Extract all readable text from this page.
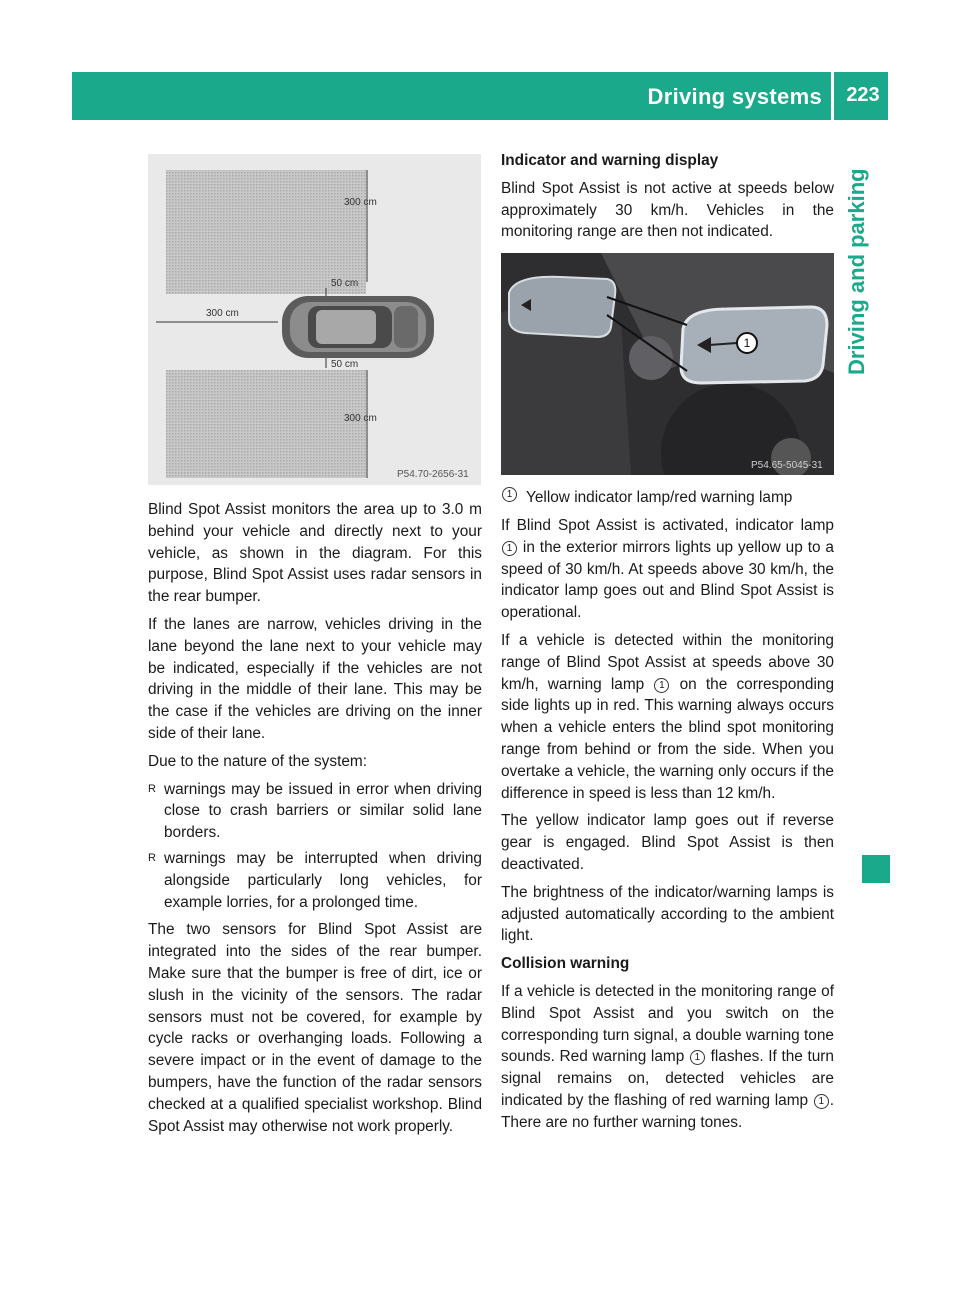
Driving systems	223
Driving and parking
300 cm
50 cm
300 cm
50 cm
300 cm
P54.70-2656-31

Blind Spot Assist monitors the area up to 3.0 m behind your vehicle and directly next to your vehicle, as shown in the diagram. For this purpose, Blind Spot Assist uses radar sensors in the rear bumper.

If the lanes are narrow, vehicles driving in the lane beyond the lane next to your vehicle may be indicated, especially if the vehicles are not driving in the middle of their lane. This may be the case if the vehicles are driving on the inner side of their lane.

Due to the nature of the system:

R warnings may be issued in error when driving close to crash barriers or similar solid lane borders.
R warnings may be interrupted when driving alongside particularly long vehicles, for example lorries, for a prolonged time.

The two sensors for Blind Spot Assist are integrated into the sides of the rear bumper. Make sure that the bumper is free of dirt, ice or slush in the vicinity of the sensors. The radar sensors must not be covered, for example by cycle racks or overhanging loads. Following a severe impact or in the event of damage to the bumpers, have the function of the radar sensors checked at a qualified specialist workshop. Blind Spot Assist may otherwise not work properly.

Indicator and warning display

Blind Spot Assist is not active at speeds below approximately 30 km/h. Vehicles in the monitoring range are then not indicated.

1
P54.65-5045-31
1 Yellow indicator lamp/red warning lamp

If Blind Spot Assist is activated, indicator lamp 1 in the exterior mirrors lights up yellow up to a speed of 30 km/h. At speeds above 30 km/h, the indicator lamp goes out and Blind Spot Assist is operational.

If a vehicle is detected within the monitoring range of Blind Spot Assist at speeds above 30 km/h, warning lamp 1 on the corresponding side lights up in red. This warning always occurs when a vehicle enters the blind spot monitoring range from behind or from the side. When you overtake a vehicle, the warning only occurs if the difference in speed is less than 12 km/h.

The yellow indicator lamp goes out if reverse gear is engaged. Blind Spot Assist is then deactivated.

The brightness of the indicator/warning lamps is adjusted automatically according to the ambient light.

Collision warning

If a vehicle is detected in the monitoring range of Blind Spot Assist and you switch on the corresponding turn signal, a double warning tone sounds. Red warning lamp 1 flashes. If the turn signal remains on, detected vehicles are indicated by the flashing of red warning lamp 1 . There are no further warning tones.
